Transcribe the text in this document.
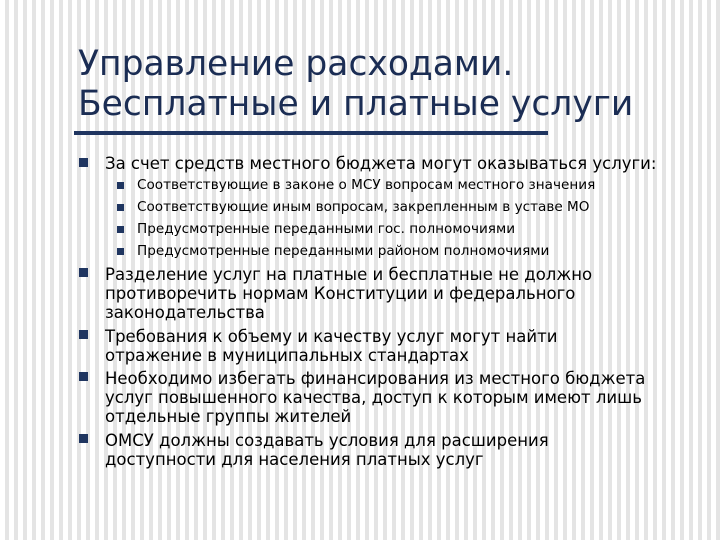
Управление расходами.
Бесплатные и платные услуги
За счет средств местного бюджета могут оказываться услуги:
Соответствующие в законе о МСУ вопросам местного значения
Соответствующие иным вопросам, закрепленным в уставе МО
Предусмотренные переданными гос. полномочиями
Предусмотренные переданными районом полномочиями
Разделение услуг на платные и бесплатные не должно
противоречить нормам Конституции и федерального
законодательства
Требования к объему и качеству услуг могут найти
отражение в муниципальных стандартах
Необходимо избегать финансирования из местного бюджета
услуг повышенного качества, доступ к которым имеют лишь
отдельные группы жителей
ОМСУ должны создавать условия для расширения
доступности для населения платных услуг
